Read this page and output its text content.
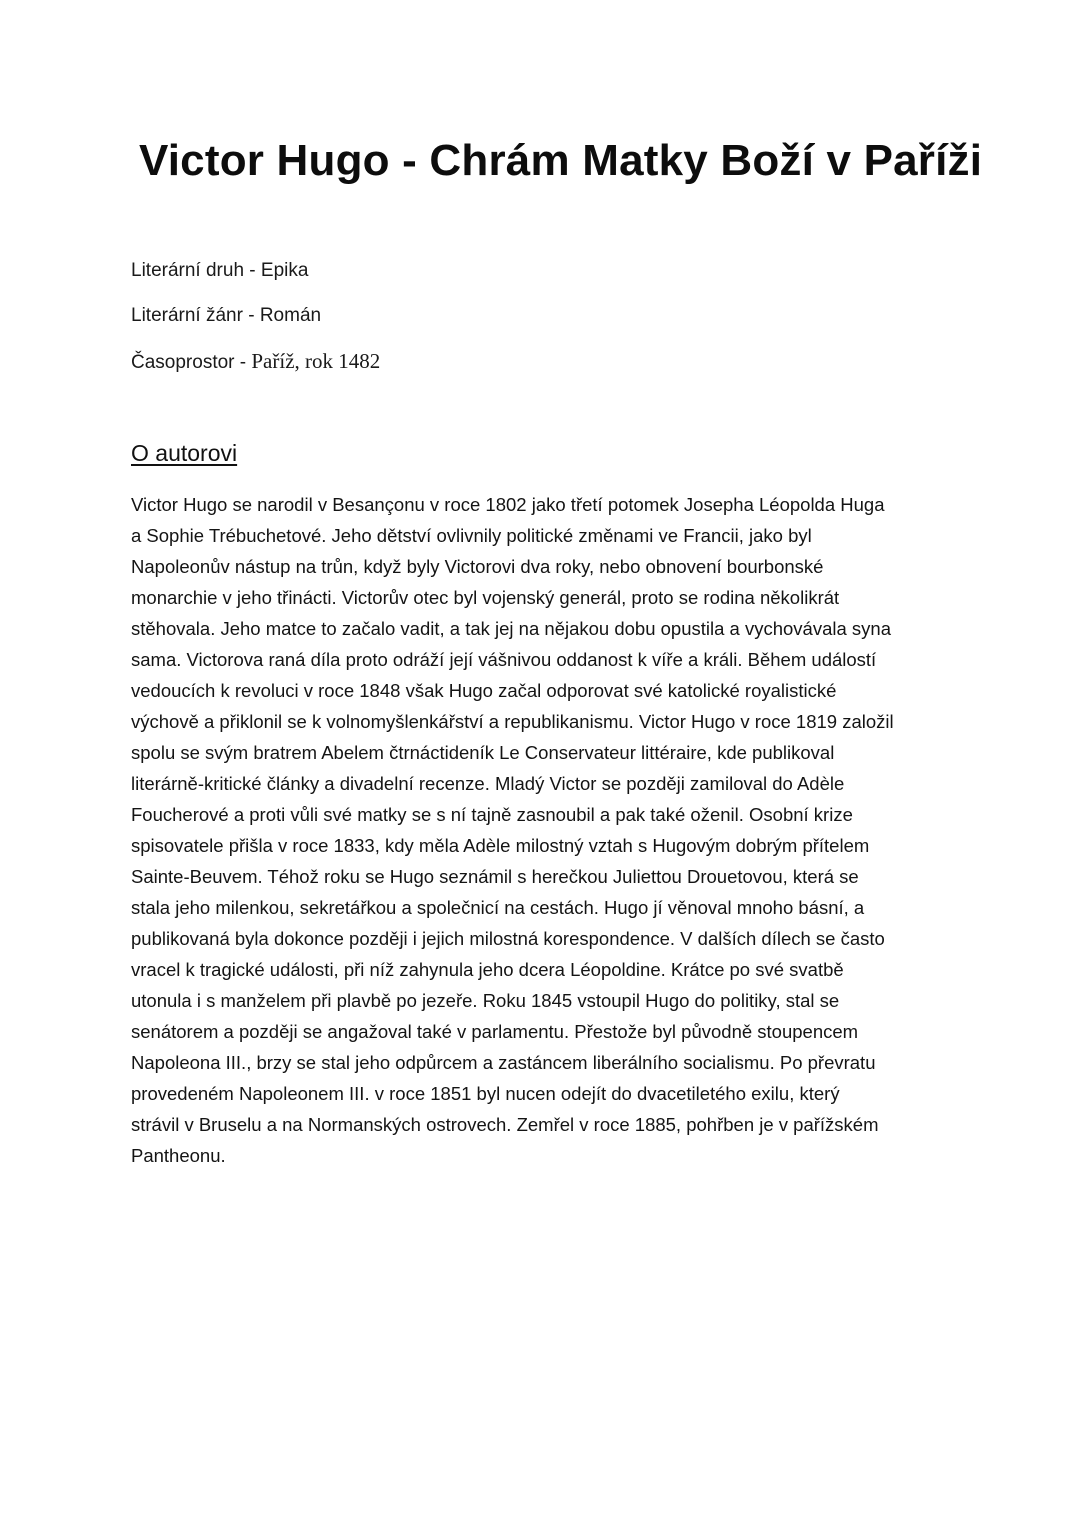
Victor Hugo - Chrám Matky Boží v Paříži
Literární druh - Epika
Literární žánr - Román
Časoprostor - Paříž, rok 1482
O autorovi
Victor Hugo se narodil v Besançonu v roce 1802 jako třetí potomek Josepha Léopolda Huga
a Sophie Trébuchetové. Jeho dětství ovlivnily politické změnami ve Francii, jako byl
Napoleonův nástup na trůn, když byly Victorovi dva roky, nebo obnovení bourbonské
monarchie v jeho třinácti. Victorův otec byl vojenský generál, proto se rodina několikrát
stěhovala. Jeho matce to začalo vadit, a tak jej na nějakou dobu opustila a vychovávala syna
sama. Victorova raná díla proto odráží její vášnivou oddanost k víře a králi. Během událostí
vedoucích k revoluci v roce 1848 však Hugo začal odporovat své katolické royalistické
výchově a přiklonil se k volnomyšlenkářství a republikanismu. Victor Hugo v roce 1819 založil
spolu se svým bratrem Abelem čtrnáctideník Le Conservateur littéraire, kde publikoval
literárně-kritické články a divadelní recenze. Mladý Victor se později zamiloval do Adèle
Foucherové a proti vůli své matky se s ní tajně zasnoubil a pak také oženil. Osobní krize
spisovatele přišla v roce 1833, kdy měla Adèle milostný vztah s Hugovým dobrým přítelem
Sainte-Beuvem. Téhož roku se Hugo seznámil s herečkou Juliettou Drouetovou, která se
stala jeho milenkou, sekretářkou a společnicí na cestách. Hugo jí věnoval mnoho básní, a
publikovaná byla dokonce později i jejich milostná korespondence. V dalších dílech se často
vracel k tragické události, při níž zahynula jeho dcera Léopoldine. Krátce po své svatbě
utonula i s manželem při plavbě po jezeře. Roku 1845 vstoupil Hugo do politiky, stal se
senátorem a později se angažoval také v parlamentu. Přestože byl původně stoupencem
Napoleona III., brzy se stal jeho odpůrcem a zastáncem liberálního socialismu. Po převratu
provedeném Napoleonem III. v roce 1851 byl nucen odejít do dvacetiletého exilu, který
strávil v Bruselu a na Normanských ostrovech. Zemřel v roce 1885, pohřben je v pařížském
Pantheonu.
